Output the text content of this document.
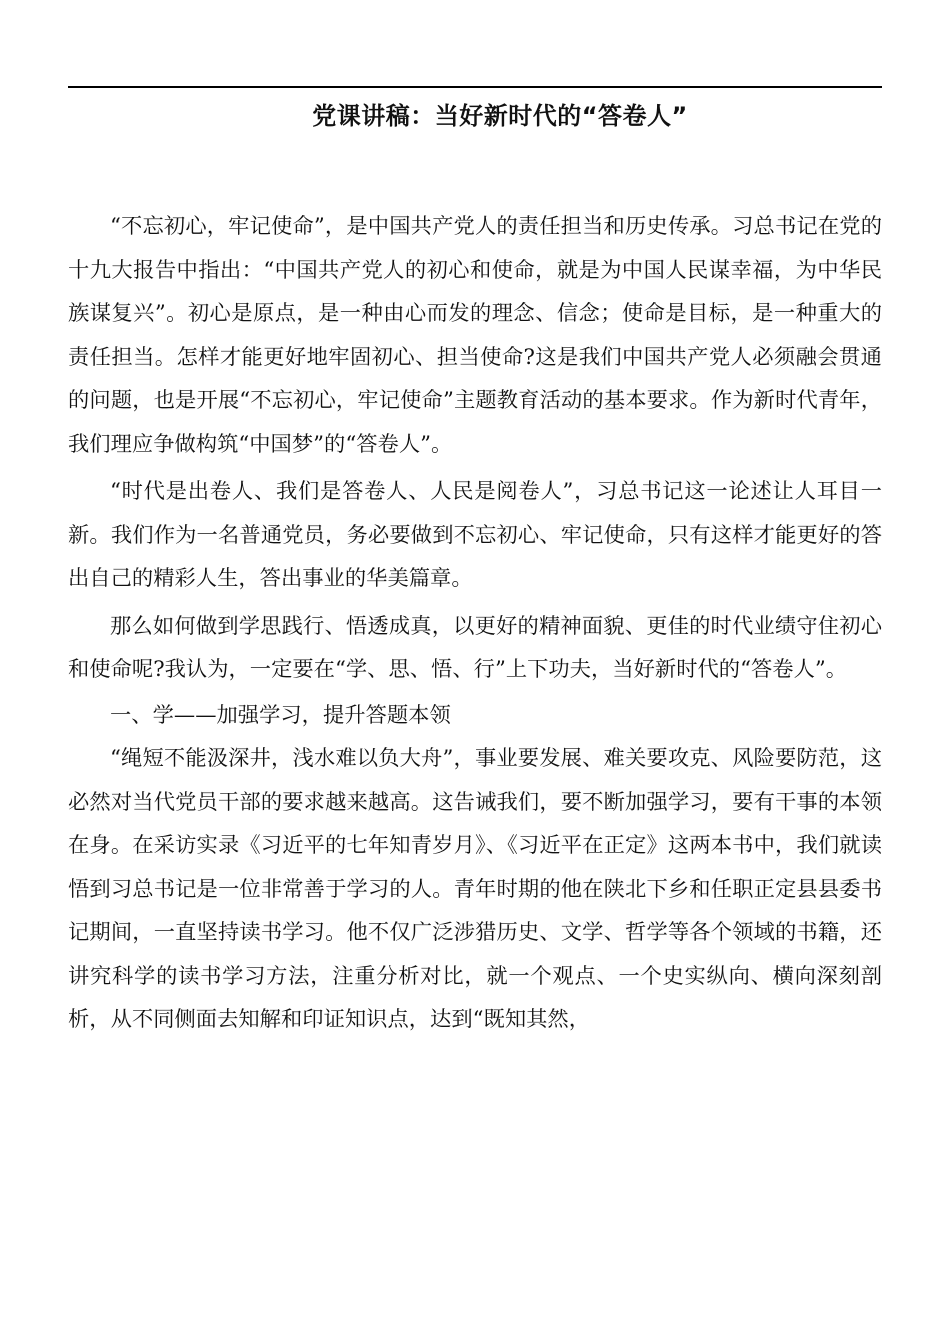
党课讲稿：当好新时代的“答卷人”

“不忘初心，牢记使命”，是中国共产党人的责任担当和历史传承。习总书记在党的十九大报告中指出：“中国共产党人的初心和使命，就是为中国人民谋幸福，为中华民族谋复兴”。初心是原点，是一种由心而发的理念、信念；使命是目标，是一种重大的责任担当。怎样才能更好地牢固初心、担当使命?这是我们中国共产党人必须融会贯通的问题，也是开展“不忘初心，牢记使命”主题教育活动的基本要求。作为新时代青年，我们理应争做构筑“中国梦”的“答卷人”。

“时代是出卷人、我们是答卷人、人民是阅卷人”，习总书记这一论述让人耳目一新。我们作为一名普通党员，务必要做到不忘初心、牢记使命，只有这样才能更好的答出自己的精彩人生，答出事业的华美篇章。

那么如何做到学思践行、悟透成真，以更好的精神面貌、更佳的时代业绩守住初心和使命呢?我认为，一定要在“学、思、悟、行”上下功夫，当好新时代的“答卷人”。

一、学——加强学习，提升答题本领

“绳短不能汲深井，浅水难以负大舟”，事业要发展、难关要攻克、风险要防范，这必然对当代党员干部的要求越来越高。这告诫我们，要不断加强学习，要有干事的本领在身。在采访实录《习近平的七年知青岁月》、《习近平在正定》这两本书中，我们就读悟到习总书记是一位非常善于学习的人。青年时期的他在陕北下乡和任职正定县县委书记期间，一直坚持读书学习。他不仅广泛涉猎历史、文学、哲学等各个领域的书籍，还讲究科学的读书学习方法，注重分析对比，就一个观点、一个史实纵向、横向深刻剖析，从不同侧面去知解和印证知识点，达到“既知其然，
